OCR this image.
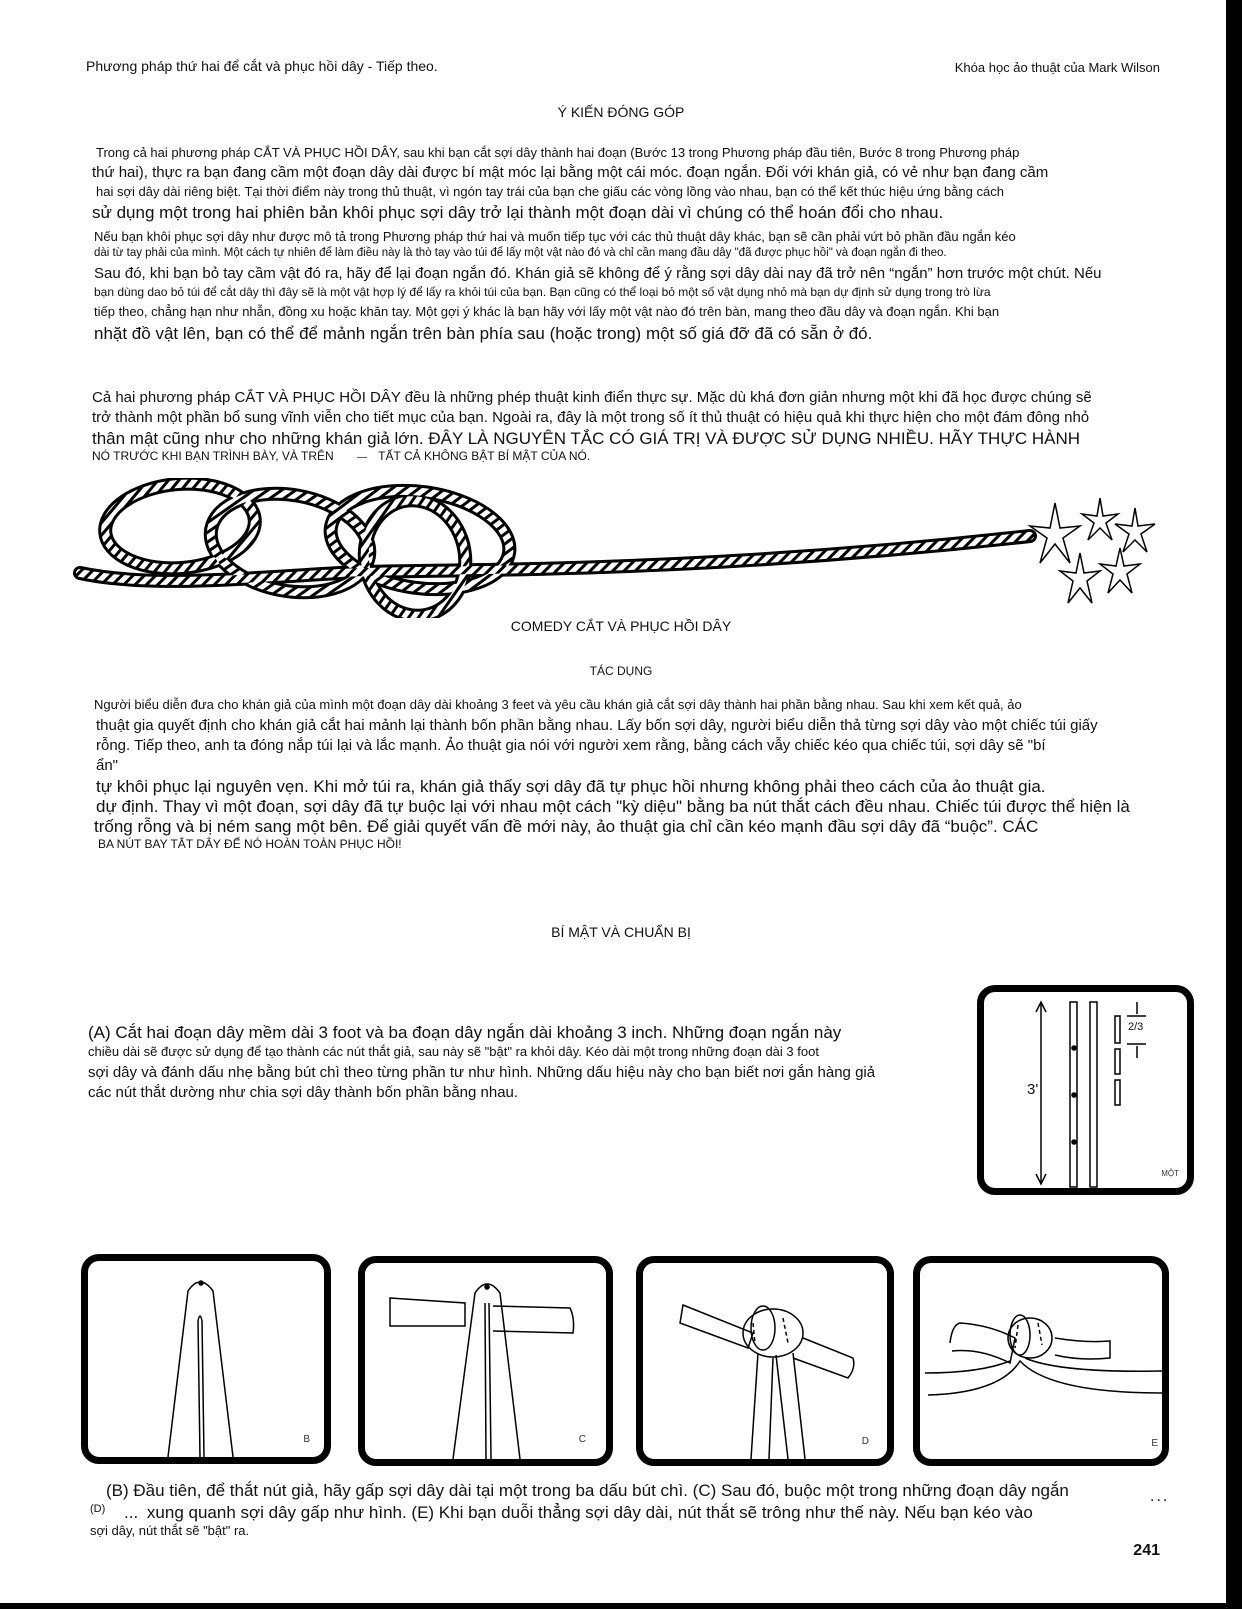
Phương pháp thứ hai để cắt và phục hồi dây - Tiếp theo.	Khóa học ảo thuật của Mark Wilson
Ý KIẾN ĐÓNG GÓP
Trong cả hai phương pháp CẮT VÀ PHỤC HỒI DÂY, sau khi bạn cắt sợi dây thành hai đoạn (Bước 13 trong Phương pháp đầu tiên, Bước 8 trong Phương pháp
thứ hai), thực ra bạn đang cầm một đoạn dây dài được bí mật móc lại bằng một cái móc. đoạn ngắn. Đối với khán giả, có vẻ như bạn đang cầm
hai sợi dây dài riêng biệt. Tại thời điểm này trong thủ thuật, vì ngón tay trái của bạn che giấu các vòng lồng vào nhau, bạn có thể kết thúc hiệu ứng bằng cách
sử dụng một trong hai phiên bản khôi phục sợi dây trở lại thành một đoạn dài vì chúng có thể hoán đổi cho nhau.
Nếu bạn khôi phục sợi dây như được mô tả trong Phương pháp thứ hai và muốn tiếp tục với các thủ thuật dây khác, bạn sẽ cần phải vứt bỏ phần đầu ngắn kéo
dài từ tay phải của mình. Một cách tự nhiên để làm điều này là thò tay vào túi để lấy một vật nào đó và chỉ cần mang đầu dây "đã được phục hồi" và đoạn ngắn đi theo.
Sau đó, khi bạn bỏ tay cầm vật đó ra, hãy để lại đoạn ngắn đó. Khán giả sẽ không để ý rằng sợi dây dài nay đã trở nên “ngắn” hơn trước một chút. Nếu
bạn dùng dao bỏ túi để cắt dây thì đây sẽ là một vật hợp lý để lấy ra khỏi túi của bạn. Bạn cũng có thể loại bỏ một số vật dụng nhỏ mà bạn dự định sử dụng trong trò lừa
tiếp theo, chẳng hạn như nhẫn, đồng xu hoặc khăn tay. Một gợi ý khác là bạn hãy với lấy một vật nào đó trên bàn, mang theo đầu dây và đoạn ngắn. Khi bạn
nhặt đồ vật lên, bạn có thể để mảnh ngắn trên bàn phía sau (hoặc trong) một số giá đỡ đã có sẵn ở đó.
Cả hai phương pháp CẮT VÀ PHỤC HỒI DÂY đều là những phép thuật kinh điển thực sự. Mặc dù khá đơn giản nhưng một khi đã học được chúng sẽ
trở thành một phần bổ sung vĩnh viễn cho tiết mục của bạn. Ngoài ra, đây là một trong số ít thủ thuật có hiệu quả khi thực hiện cho một đám đông nhỏ
thân mật cũng như cho những khán giả lớn. ĐÂY LÀ NGUYÊN TẮC CÓ GIÁ TRỊ VÀ ĐƯỢC SỬ DỤNG NHIỀU. HÃY THỰC HÀNH
NÓ TRƯỚC KHI BẠN TRÌNH BÀY, VÀ TRÊN — TẤT CẢ KHÔNG BẬT BÍ MẬT CỦA NÓ.
COMEDY CẮT VÀ PHỤC HỒI DÂY
TÁC DỤNG
Người biểu diễn đưa cho khán giả của mình một đoạn dây dài khoảng 3 feet và yêu cầu khán giả cắt sợi dây thành hai phần bằng nhau. Sau khi xem kết quả, ảo
thuật gia quyết định cho khán giả cắt hai mảnh lại thành bốn phần bằng nhau. Lấy bốn sợi dây, người biểu diễn thả từng sợi dây vào một chiếc túi giấy
rỗng. Tiếp theo, anh ta đóng nắp túi lại và lắc mạnh. Ảo thuật gia nói với người xem rằng, bằng cách vẫy chiếc kéo qua chiếc túi, sợi dây sẽ "bí
ẩn"
tự khôi phục lại nguyên vẹn. Khi mở túi ra, khán giả thấy sợi dây đã tự phục hồi nhưng không phải theo cách của ảo thuật gia.
dự định. Thay vì một đoạn, sợi dây đã tự buộc lại với nhau một cách "kỳ diệu" bằng ba nút thắt cách đều nhau. Chiếc túi được thể hiện là
trống rỗng và bị ném sang một bên. Để giải quyết vấn đề mới này, ảo thuật gia chỉ cần kéo mạnh đầu sợi dây đã “buộc”. CÁC
BA NÚT BAY TẮT DÂY ĐỂ NÓ HOÀN TOÀN PHỤC HỒI!
BÍ MẬT VÀ CHUẨN BỊ
(A) Cắt hai đoạn dây mềm dài 3 foot và ba đoạn dây ngắn dài khoảng 3 inch. Những đoạn ngắn này
chiều dài sẽ được sử dụng để tạo thành các nút thắt giả, sau này sẽ "bật" ra khỏi dây. Kéo dài một trong những đoạn dài 3 foot
sợi dây và đánh dấu nhẹ bằng bút chì theo từng phần tư như hình. Những dấu hiệu này cho bạn biết nơi gắn hàng giả
các nút thắt dường như chia sợi dây thành bốn phần bằng nhau.	3'
2/3
MỘT
B	C	D	E
(B) Đầu tiên, để thắt nút giả, hãy gấp sợi dây dài tại một trong ba dấu bút chì. (C) Sau đó, buộc một trong những đoạn dây ngắn
$^{(D)}$ ... xung quanh sợi dây gấp như hình. (E) Khi bạn duỗi thẳng sợi dây dài, nút thắt sẽ trông như thế này. Nếu bạn kéo vào
sợi dây, nút thắt sẽ "bật" ra.
...
241
